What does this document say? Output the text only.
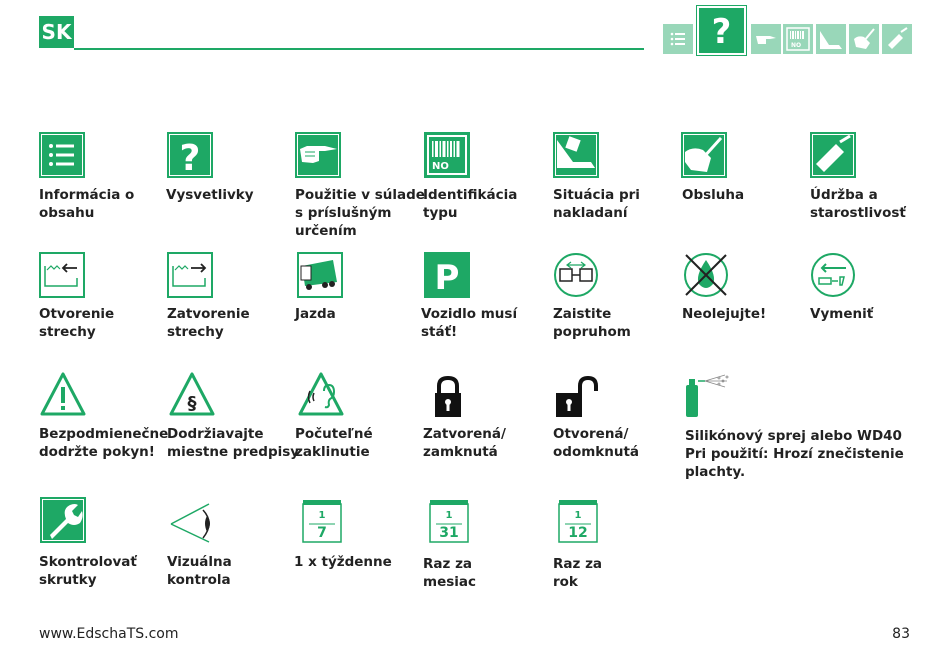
SK	?	NO
Informácia o
obsahu
?
Vysvetlivky	Použitie v súlade
s príslušným
určením
NO
Identifikácia
typu
Situácia pri
nakladaní
Obsluha	Údržba a
starostlivosť
Otvorenie
strechy
Zatvorenie
strechy
Jazda
P
Vozidlo musí
stáť!
Zaistite
popruhom
Neolejujte!	Vymeniť
Bezpodmienečne
dodržte pokyn!
§
Dodržiavajte
miestne predpisy
Počuteľné
zaklinutie
Zatvorená/
zamknutá
Otvorená/
odomknutá
Silikónový sprej alebo WD40
Pri použití: Hrozí znečistenie
plachty.
Skontrolovať
skrutky
Vizuálna
kontrola
1
7
1 x týždenne
1
31
Raz za
mesiac
1
12
Raz za
rok
www.EdschaTS.com	83
